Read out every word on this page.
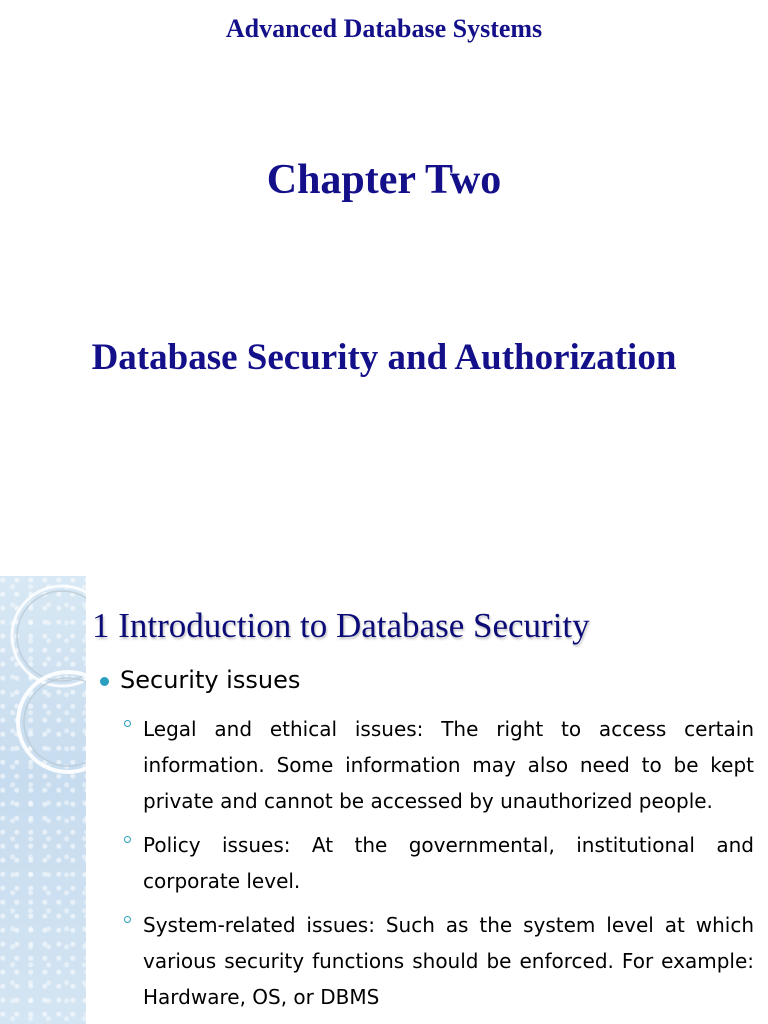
Advanced Database Systems
Chapter Two
Database Security and Authorization
1 Introduction to Database Security
Security issues
Legal and ethical issues: The right to access certain information. Some information may also need to be kept private and cannot be accessed by unauthorized people.
Policy issues: At the governmental, institutional and corporate level.
System-related issues: Such as the system level at which various security functions should be enforced. For example: Hardware, OS, or DBMS
